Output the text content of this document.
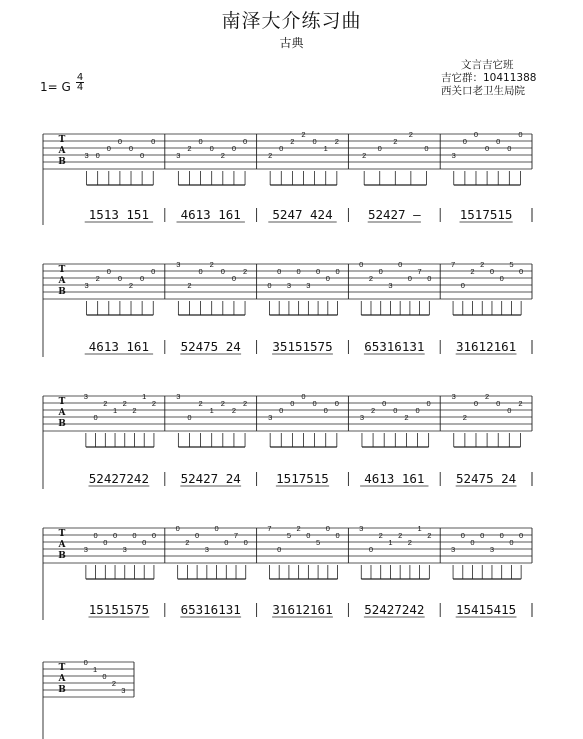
南泽大介练习曲
古典
文言吉它班
吉它群：10411388
西关口老卫生局院
1= G
4
4
T
A
B
3 0
0
0
0
0
0
1513 151
3
2
0
0
2
0
0
4613 161
2
0
2
2
0
1
2
5247 424
2
0
2
2
0
52427 –
3
0
0
0
0
0
0
1517515
T
A
B
3
2
0
0
2
0
0
4613 161
3
2
0
2
0
0
2
52475 24
0
0
3
0
3
0
0
0
35151575
0
2
0
3
0
0
7
0
65316131
7
0
2
2
0
0
5
0
31612161
T
A
B
3
0
2
1
2
2
1
2
52427242
3
0
2
1
2
2
2
52427 24
3
0
0
0
0
0
0
1517515
3
2
0
0
2
0
0
4613 161
3
2
0
2
0
0
2
52475 24
T
A
B
3
0
0
0
3
0
0
0
15151575
0
2
0
3
0
0
7
0
65316131
7
0
5
2
0
5
0
0
31612161
3
0
2
1
2
2
1
2
52427242
3
0
0
0
3
0
0
0
15415415
T
A
B
0
1
0
2
3
